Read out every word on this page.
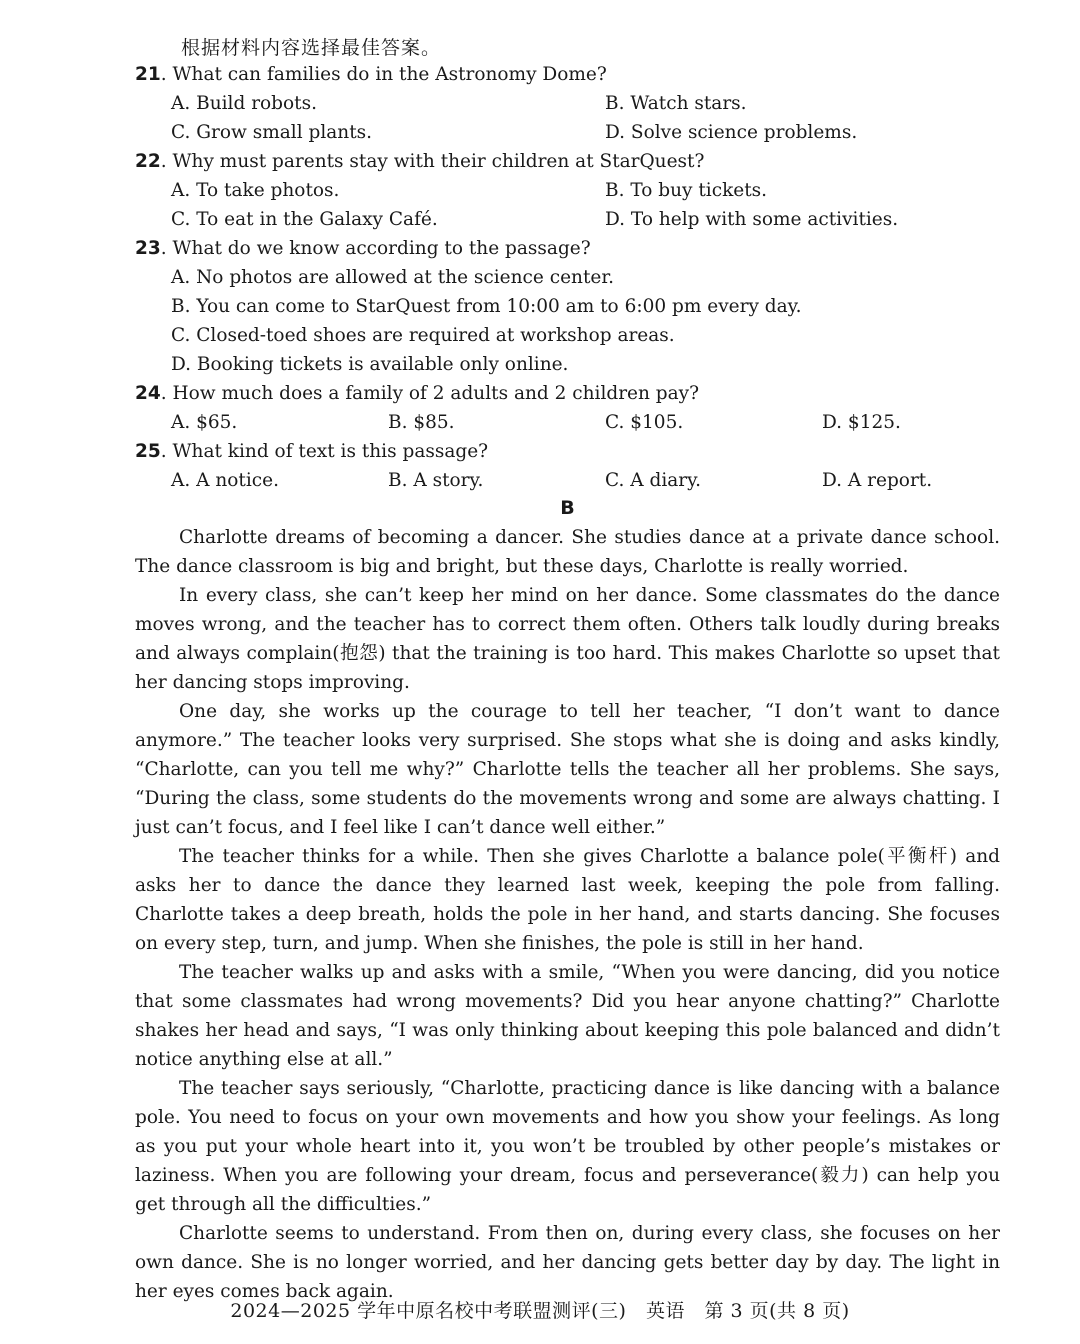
根据材料内容选择最佳答案。
21. What can families do in the Astronomy Dome?
A. Build robots.	B. Watch stars.
C. Grow small plants.	D. Solve science problems.
22. Why must parents stay with their children at StarQuest?
A. To take photos.	B. To buy tickets.
C. To eat in the Galaxy Café.	D. To help with some activities.
23. What do we know according to the passage?
A. No photos are allowed at the science center.
B. You can come to StarQuest from 10:00 am to 6:00 pm every day.
C. Closed-toed shoes are required at workshop areas.
D. Booking tickets is available only online.
24. How much does a family of 2 adults and 2 children pay?
A. $65.	B. $85.	C. $105.	D. $125.
25. What kind of text is this passage?
A. A notice.	B. A story.	C. A diary.	D. A report.
B

Charlotte dreams of becoming a dancer. She studies dance at a private dance school. The dance classroom is big and bright, but these days, Charlotte is really worried.

In every class, she can’t keep her mind on her dance. Some classmates do the dance moves wrong, and the teacher has to correct them often. Others talk loudly during breaks and always complain(抱怨) that the training is too hard. This makes Charlotte so upset that her dancing stops improving.

One day, she works up the courage to tell her teacher, “I don’t want to dance anymore.” The teacher looks very surprised. She stops what she is doing and asks kindly, “Charlotte, can you tell me why?” Charlotte tells the teacher all her problems. She says, “During the class, some students do the movements wrong and some are always chatting. I just can’t focus, and I feel like I can’t dance well either.”

The teacher thinks for a while. Then she gives Charlotte a balance pole(平衡杆) and asks her to dance the dance they learned last week, keeping the pole from falling. Charlotte takes a deep breath, holds the pole in her hand, and starts dancing. She focuses on every step, turn, and jump. When she finishes, the pole is still in her hand.

The teacher walks up and asks with a smile, “When you were dancing, did you notice that some classmates had wrong movements? Did you hear anyone chatting?” Charlotte shakes her head and says, “I was only thinking about keeping this pole balanced and didn’t notice anything else at all.”

The teacher says seriously, “Charlotte, practicing dance is like dancing with a balance pole. You need to focus on your own movements and how you show your feelings. As long as you put your whole heart into it, you won’t be troubled by other people’s mistakes or laziness. When you are following your dream, focus and perseverance(毅力) can help you get through all the difficulties.”

Charlotte seems to understand. From then on, during every class, she focuses on her own dance. She is no longer worried, and her dancing gets better day by day. The light in her eyes comes back again.

2024—2025 学年中原名校中考联盟测评(三)　英语　第 3 页(共 8 页)
